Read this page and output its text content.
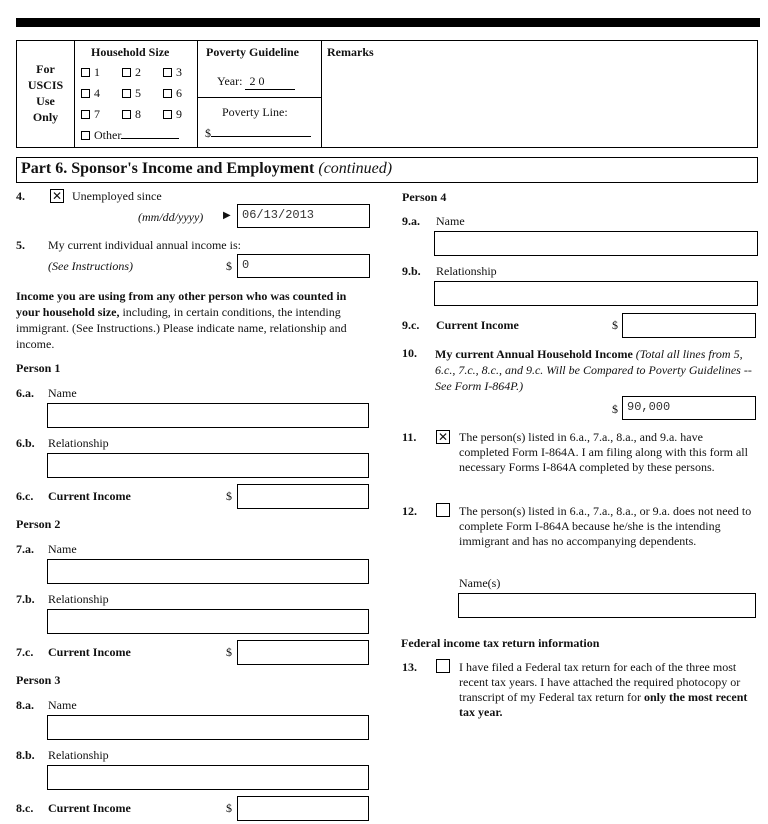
For
USCIS
Use
Only
Household Size
1	2	3
4	5	6
7	8	9
Other
Poverty Guideline
Year: 2 0
Poverty Line:
$
Remarks
Part 6. Sponsor's Income and Employment (continued)
4. ✕ Unemployed since
(mm/dd/yyyy) ▶ 06/13/2013
5. My current individual annual income is:
(See Instructions)	$ 0
Income you are using from any other person who was counted in your household size, including, in certain conditions, the intending immigrant. (See Instructions.) Please indicate name, relationship and income.
Person 1
6.a. Name
6.b. Relationship
6.c. Current Income	$
Person 2
7.a. Name
7.b. Relationship
7.c. Current Income	$
Person 3
8.a. Name
8.b. Relationship
8.c. Current Income	$
Person 4
9.a. Name
9.b. Relationship
9.c. Current Income	$
10. My current Annual Household Income (Total all lines from 5, 6.c., 7.c., 8.c., and 9.c. Will be Compared to Poverty Guidelines -- See Form I-864P.)
$ 90,000
11. ✕ The person(s) listed in 6.a., 7.a., 8.a., and 9.a. have completed Form I-864A. I am filing along with this form all necessary Forms I-864A completed by these persons.
12.	The person(s) listed in 6.a., 7.a., 8.a., or 9.a. does not need to complete Form I-864A because he/she is the intending immigrant and has no accompanying dependents.
Name(s)
Federal income tax return information
13.	I have filed a Federal tax return for each of the three most recent tax years. I have attached the required photocopy or transcript of my Federal tax return for only the most recent tax year.
